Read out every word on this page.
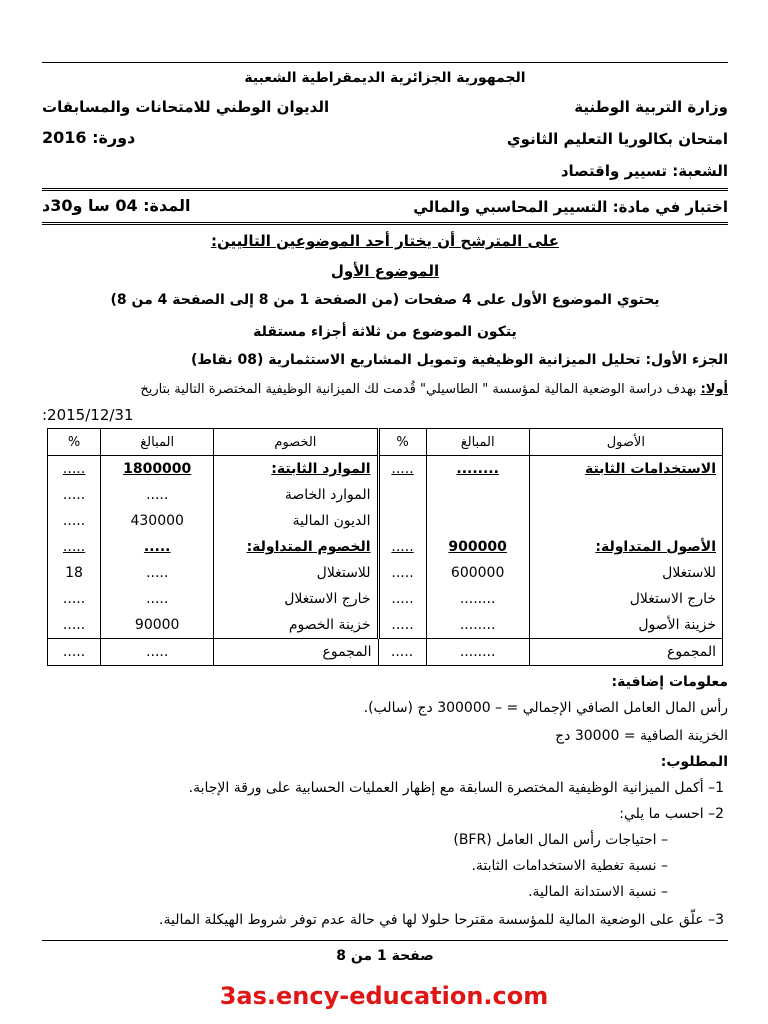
الجمهورية الجزائرية الديمقراطية الشعبية
وزارة التربية الوطنية
الديوان الوطني للامتحانات والمسابقات
امتحان بكالوريا التعليم الثانوي
دورة: 2016
الشعبة: تسيير واقتصاد
اختبار في مادة: التسيير المحاسبي والمالي
المدة: 04 سا و30د
على المترشح أن يختار أحد الموضوعين التاليين:
الموضوع الأول
يحتوي الموضوع الأول على 4 صفحات (من الصفحة 1 من 8 إلى الصفحة 4 من 8)
يتكون الموضوع من ثلاثة أجزاء مستقلة
الجزء الأول: تحليل الميزانية الوظيفية وتمويل المشاريع الاستثمارية (08 نقاط)
أولا: بهدف دراسة الوضعية المالية لمؤسسة " الطاسيلي" قُدمت لك الميزانية الوظيفية المختصرة التالية بتاريخ
:2015/12/31
الأصول	المبالغ	%	الخصوم	المبالغ	%
الاستخدامات الثابتة	........	.....	الموارد الثابتة:	1800000	.....
			الموارد الخاصة	.....	.....
			الديون المالية	430000	.....
الأصول المتداولة:	900000	.....	الخصوم المتداولة:	.....	.....
للاستغلال	600000	.....	للاستغلال	.....	18
خارج الاستغلال	........	.....	خارج الاستغلال	.....	.....
خزينة الأصول	........	.....	خزينة الخصوم	90000	.....
المجموع	........	.....	المجموع	.....	.....
معلومات إضافية:
رأس المال العامل الصافي الإجمالي = – 300000 دج (سالب).
الخزينة الصافية = 30000 دج
المطلوب:
1– أكمل الميزانية الوظيفية المختصرة السابقة مع إظهار العمليات الحسابية على ورقة الإجابة.
2– احسب ما يلي:
– احتياجات رأس المال العامل (BFR)
– نسبة تغطية الاستخدامات الثابتة.
– نسبة الاستدانة المالية.
3– علّق على الوضعية المالية للمؤسسة مقترحا حلولا لها في حالة عدم توفر شروط الهيكلة المالية.
صفحة 1 من 8
3as.ency-education.com
